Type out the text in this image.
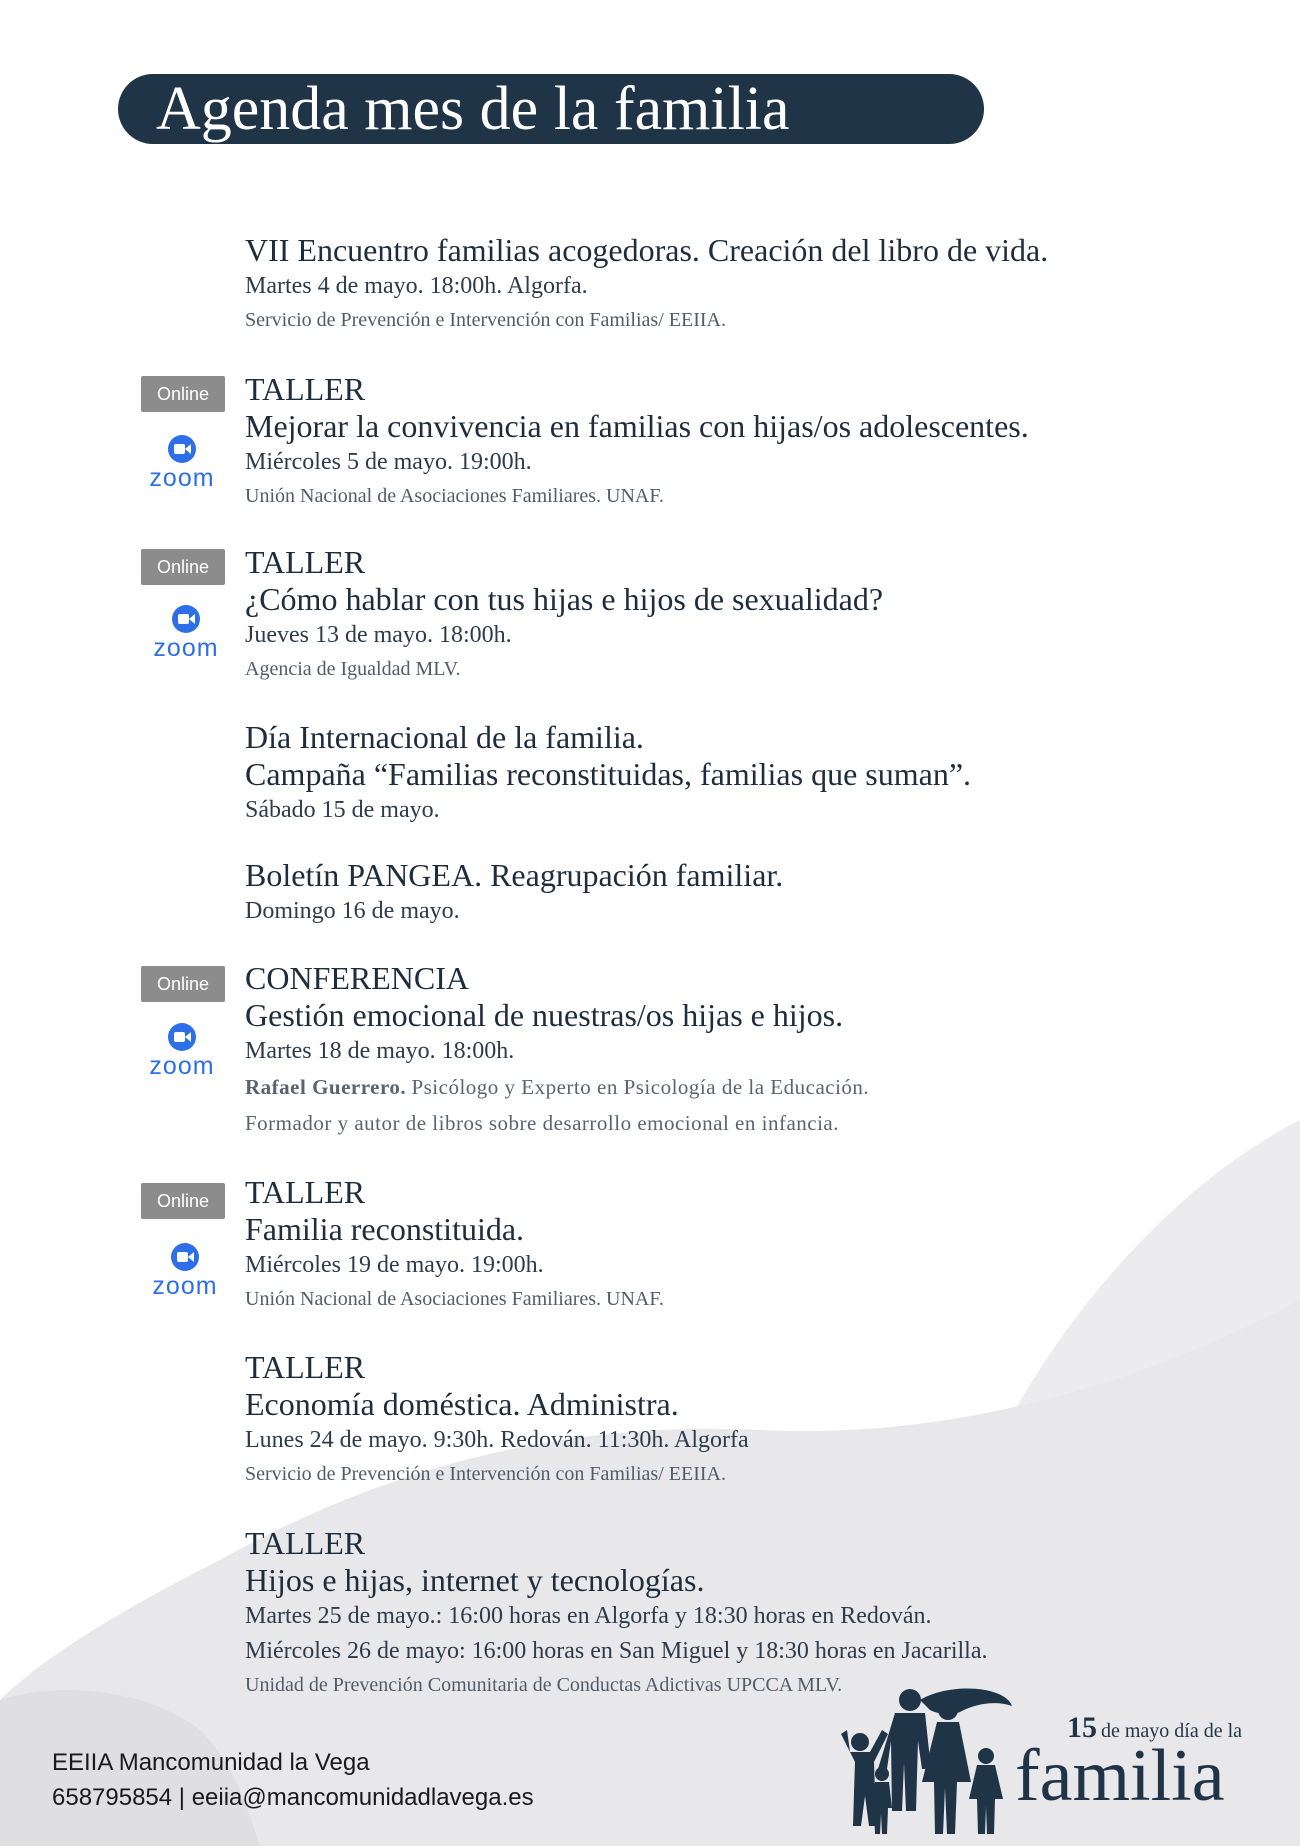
Agenda mes de la familia
Online
zoom
Online
zoom
Online
zoom
Online
zoom
VII Encuentro familias acogedoras. Creación del libro de vida.
Martes 4 de mayo. 18:00h. Algorfa.
Servicio de Prevención e Intervención con Familias/ EEIIA.
TALLER
Mejorar la convivencia en familias con hijas/os adolescentes.
Miércoles 5 de mayo. 19:00h.
Unión Nacional de Asociaciones Familiares. UNAF.
TALLER
¿Cómo hablar con tus hijas e hijos de sexualidad?
Jueves 13 de mayo. 18:00h.
Agencia de Igualdad MLV.
Día Internacional de la familia.
Campaña “Familias reconstituidas, familias que suman”.
Sábado 15 de mayo.
Boletín PANGEA. Reagrupación familiar.
Domingo 16 de mayo.
CONFERENCIA
Gestión emocional de nuestras/os hijas e hijos.
Martes 18 de mayo. 18:00h.
Rafael Guerrero. Psicólogo y Experto en Psicología de la Educación.
Formador y autor de libros sobre desarrollo emocional en infancia.
TALLER
Familia reconstituida.
Miércoles 19 de mayo. 19:00h.
Unión Nacional de Asociaciones Familiares. UNAF.
TALLER
Economía doméstica. Administra.
Lunes 24 de mayo. 9:30h. Redován. 11:30h. Algorfa
Servicio de Prevención e Intervención con Familias/ EEIIA.
TALLER
Hijos e hijas, internet y tecnologías.
Martes 25 de mayo.: 16:00 horas en Algorfa y 18:30 horas en Redován.
Miércoles 26 de mayo: 16:00 horas en San Miguel y 18:30 horas en Jacarilla.
Unidad de Prevención Comunitaria de Conductas Adictivas UPCCA MLV.
EEIIA Mancomunidad la Vega
658795854 | eeiia@mancomunidadlavega.es
15 de mayo día de la
familia
